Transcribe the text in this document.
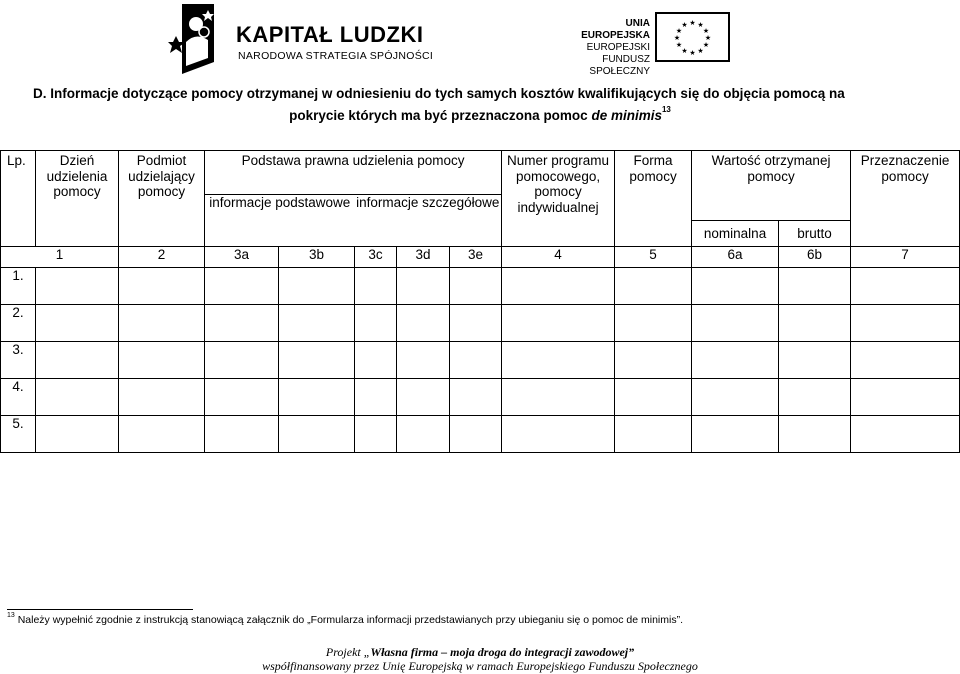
KAPITAŁ LUDZKI
NARODOWA STRATEGIA SPÓJNOŚCI
UNIA EUROPEJSKA
EUROPEJSKI
FUNDUSZ SPOŁECZNY
★ ★
★
★
★
★
★
★
★
★
★
★
D. Informacje dotyczące pomocy otrzymanej w odniesieniu do tych samych kosztów kwalifikujących się do objęcia pomocą na
pokrycie których ma być przeznaczona pomoc de minimis$^{13}$
Lp.	Dzień udzielenia pomocy	Podmiot udzielający pomocy	Podstawa prawna udzielenia pomocy					Numer programu pomocowego, pomocy indywidualnej	Forma pomocy	Wartość otrzymanej pomocy		Przeznaczenie pomocy
			informacje podstawowe		informacje szczegółowe							
										nominalna	brutto	
1		2	3a	3b	3c	3d	3e	4	5	6a	6b	7
1.												
2.												
3.												
4.												
5.												
$^{13}$ Należy wypełnić zgodnie z instrukcją stanowiącą załącznik do „Formularza informacji przedstawianych przy ubieganiu się o pomoc de minimis”.
Projekt „Własna firma – moja droga do integracji zawodowej”
współfinansowany przez Unię Europejską w ramach Europejskiego Funduszu Społecznego
